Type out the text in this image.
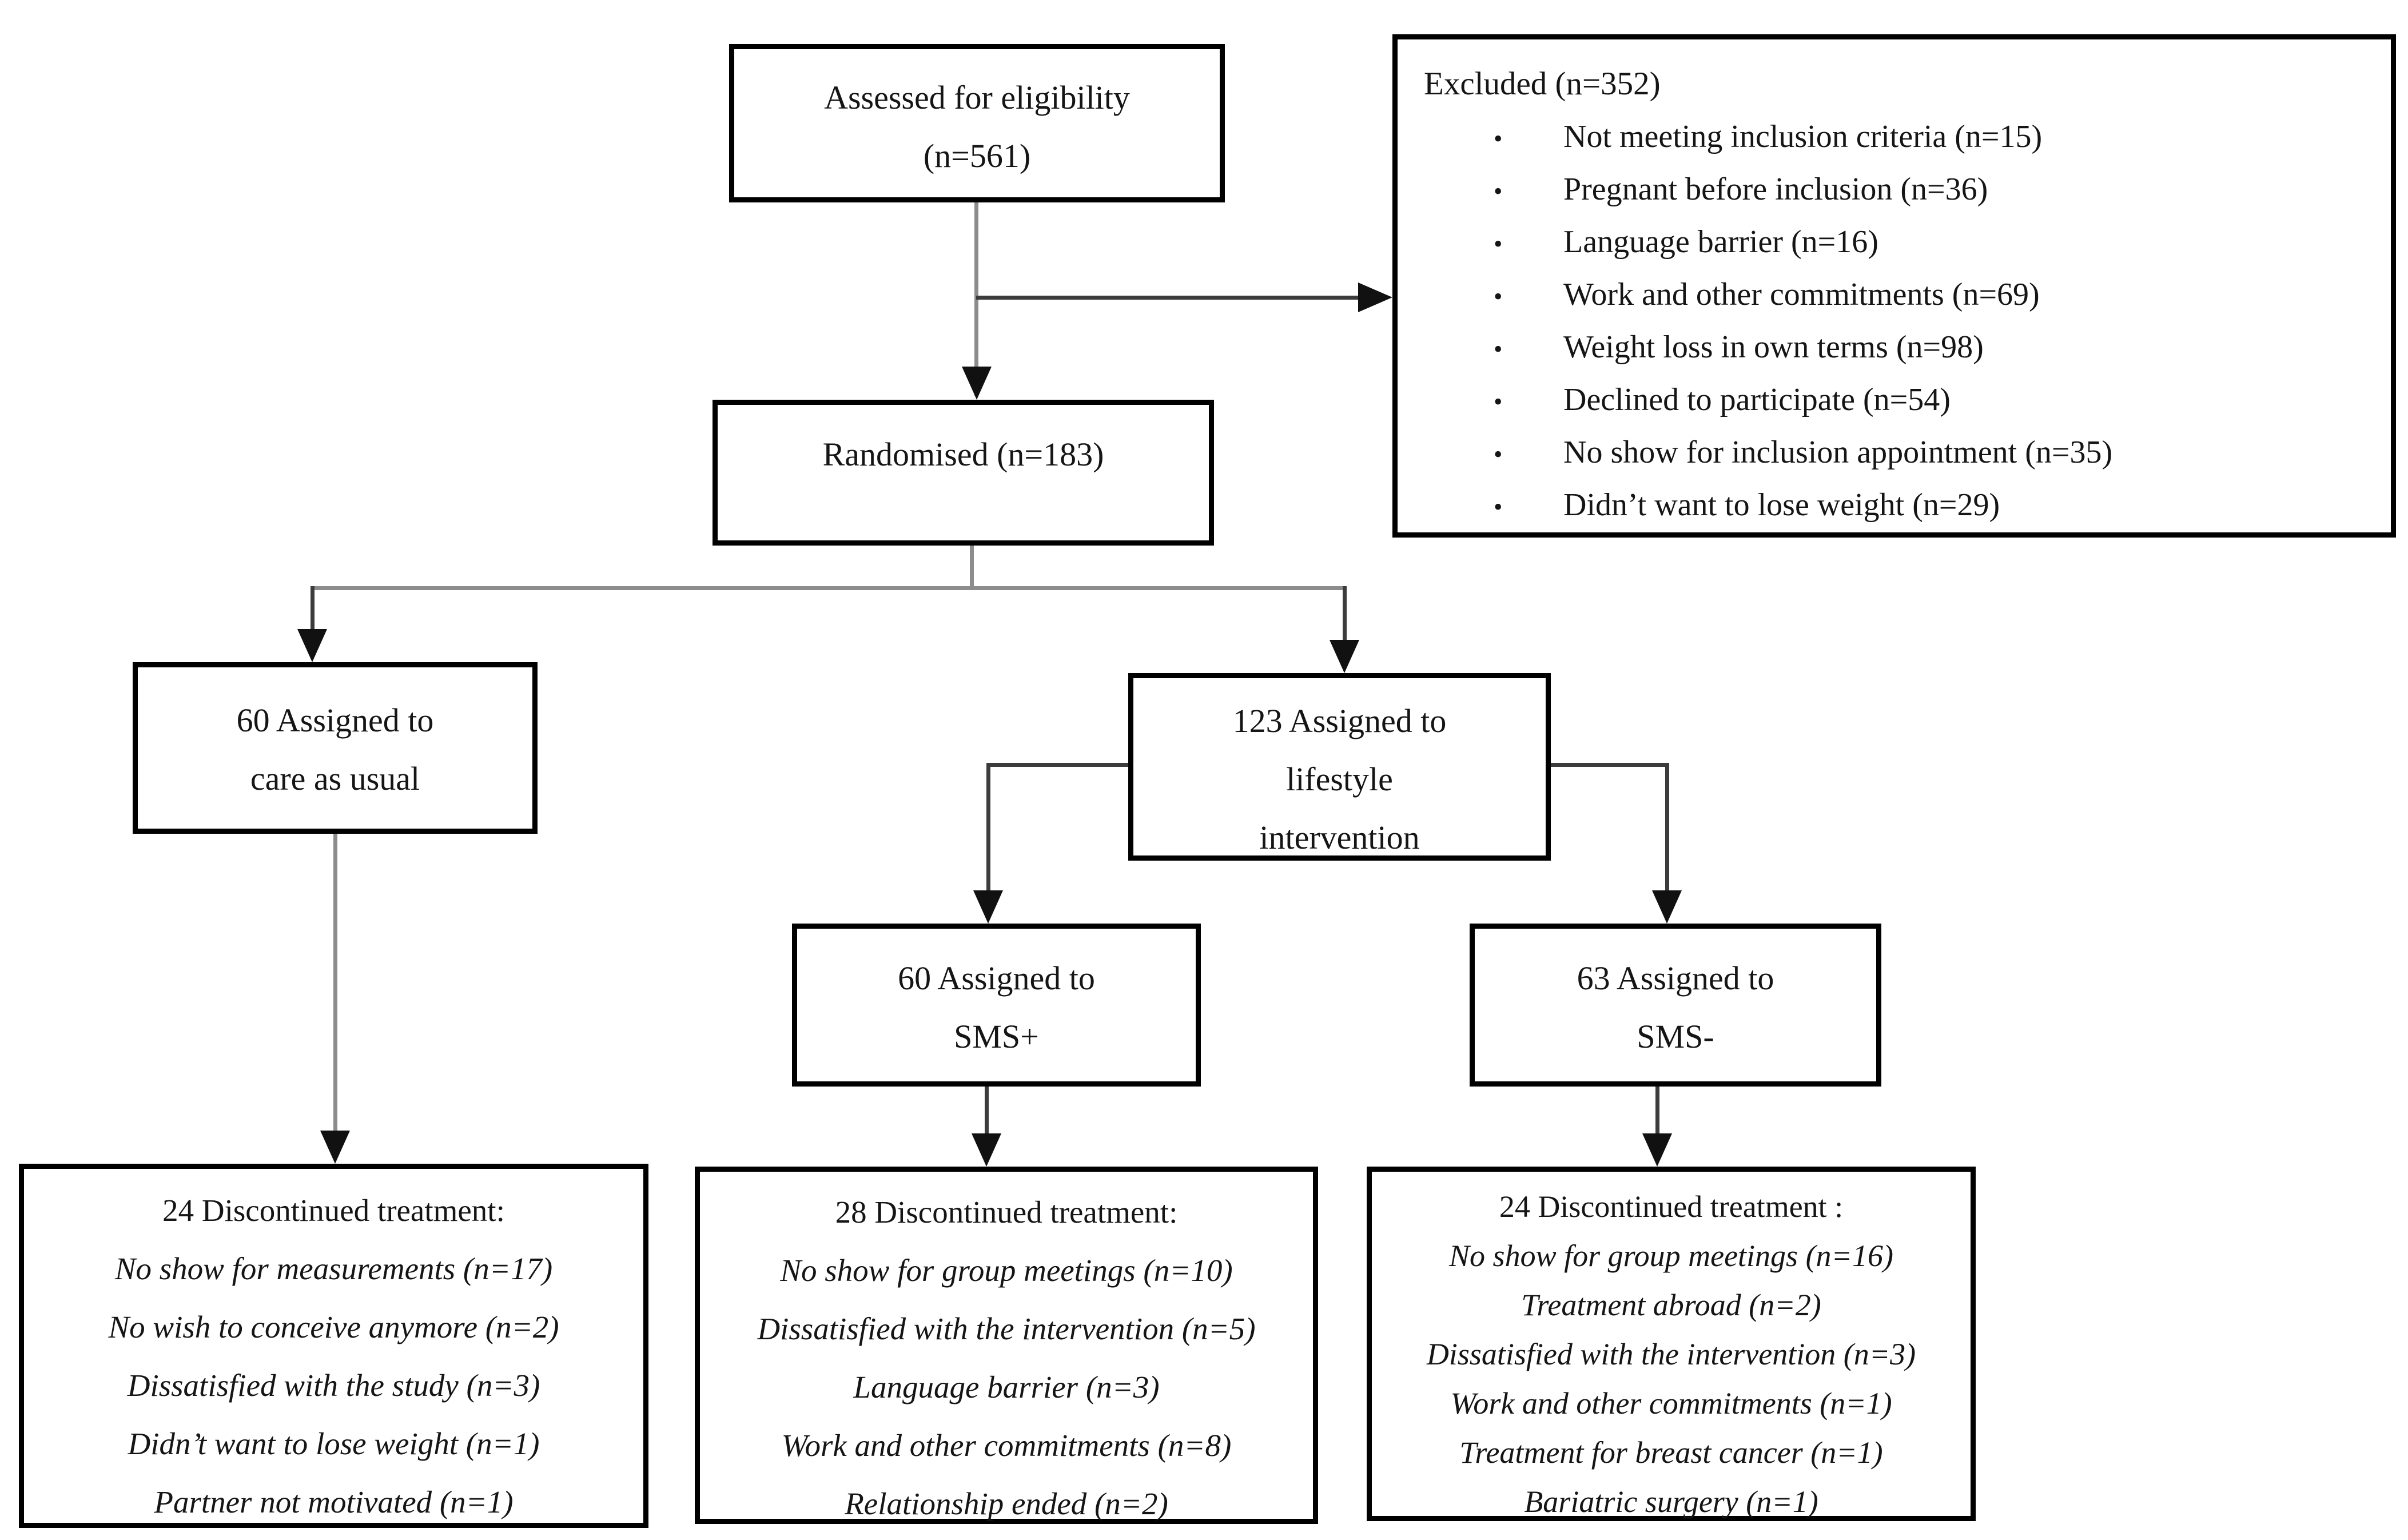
Assessed for eligibility
(n=561)
Excluded (n=352)
•	Not meeting inclusion criteria (n=15)
•	Pregnant before inclusion (n=36)
•	Language barrier (n=16)
•	Work and other commitments (n=69)
•	Weight loss in own terms (n=98)
•	Declined to participate (n=54)
•	No show for inclusion appointment (n=35)
•	Didn’t want to lose weight (n=29)
Randomised (n=183)
60 Assigned to
care as usual
123 Assigned to
lifestyle
intervention
60 Assigned to
SMS+
63 Assigned to
SMS-
24 Discontinued treatment:
No show for measurements (n=17)
No wish to conceive anymore (n=2)
Dissatisfied with the study (n=3)
Didn’t want to lose weight (n=1)
Partner not motivated (n=1)
28 Discontinued treatment:
No show for group meetings (n=10)
Dissatisfied with the intervention (n=5)
Language barrier (n=3)
Work and other commitments (n=8)
Relationship ended (n=2)
24 Discontinued treatment :
No show for group meetings (n=16)
Treatment abroad (n=2)
Dissatisfied with the intervention (n=3)
Work and other commitments (n=1)
Treatment for breast cancer (n=1)
Bariatric surgery (n=1)
